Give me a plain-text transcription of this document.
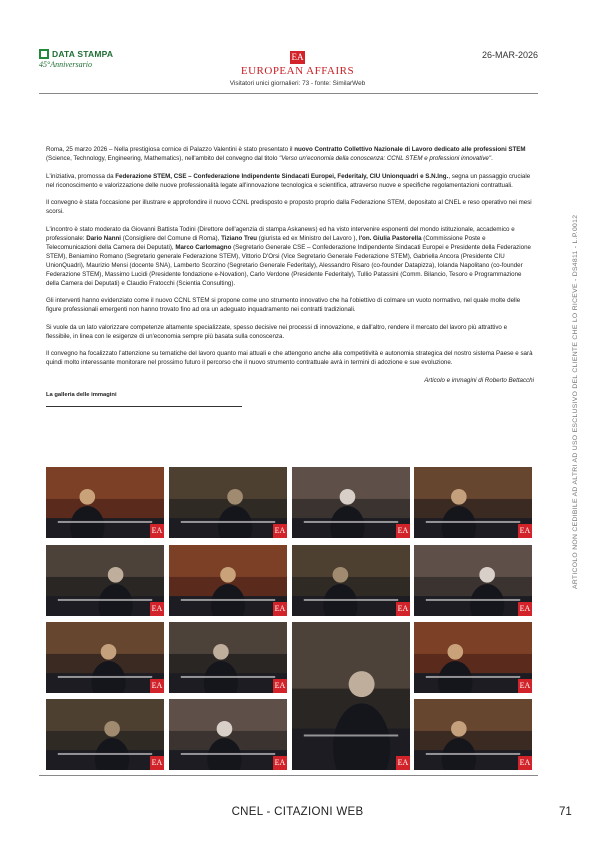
DATA STAMPA
45°Anniversario
EA
EUROPEAN AFFAIRS
Visitatori unici giornalieri: 73 - fonte: SimilarWeb
26-MAR-2026

Roma, 25 marzo 2026 – Nella prestigiosa cornice di Palazzo Valentini è stato presentato il nuovo Contratto Collettivo Nazionale di Lavoro dedicato alle professioni STEM (Science, Technology, Engineering, Mathematics), nell'ambito del convegno dal titolo "Verso un'economia della conoscenza: CCNL STEM e professioni innovative".

L'iniziativa, promossa da Federazione STEM, CSE – Confederazione Indipendente Sindacati Europei, Federitaly, CIU Unionquadri e S.N.Ing., segna un passaggio cruciale nel riconoscimento e valorizzazione delle nuove professionalità legate all'innovazione tecnologica e scientifica, attraverso nuove e specifiche regolamentazioni contrattuali.

Il convegno è stata l'occasione per illustrare e approfondire il nuovo CCNL predisposto e proposto proprio dalla Federazione STEM, depositato al CNEL e reso operativo nei mesi scorsi.

L'incontro è stato moderato da Giovanni Battista Todini (Direttore dell'agenzia di stampa Askanews) ed ha visto intervenire esponenti del mondo istituzionale, accademico e professionale: Dario Nanni (Consigliere del Comune di Roma), Tiziano Treu (giurista ed ex Ministro del Lavoro ), l'on. Giulia Pastorella (Commissione Poste e Telecomunicazioni della Camera dei Deputati), Marco Carlomagno (Segretario Generale CSE – Confederazione Indipendente Sindacati Europei e Presidente della Federazione STEM), Beniamino Romano (Segretario generale Federazione STEM), Vittorio D'Orsi (Vice Segretario Generale Federazione STEM), Gabriella Ancora (Presidente CIU UnionQuadri), Maurizio Mensi (docente SNA), Lamberto Scorzino (Segretario Generale Federitaly), Alessandro Risaro (co-founder Datapizza), Iolanda Napolitano (co-founder Federazione STEM), Massimo Lucidi (Presidente fondazione e-Novation), Carlo Verdone (Presidente Federitaly), Tullio Patassini (Comm. Bilancio, Tesoro e Programmazione della Camera dei Deputati) e Claudio Fratocchi (Scientia Consulting).

Gli interventi hanno evidenziato come il nuovo CCNL STEM si propone come uno strumento innovativo che ha l'obiettivo di colmare un vuoto normativo, nel quale molte delle figure professionali emergenti non hanno trovato fino ad ora un adeguato inquadramento nei contratti tradizionali.

Si vuole da un lato valorizzare competenze altamente specializzate, spesso decisive nei processi di innovazione, e dall'altro, rendere il mercato del lavoro più attrattivo e flessibile, in linea con le esigenze di un'economia sempre più basata sulla conoscenza.

Il convegno ha focalizzato l'attenzione su tematiche del lavoro quanto mai attuali e che attengono anche alla competitività e autonomia strategica del nostro sistema Paese e sarà quindi molto interessante monitorare nel prossimo futuro il percorso che il nuovo strumento contrattuale avrà in termini di adozione e sue evoluzione.

Articolo e immagini di Roberto Bettacchi

La galleria delle immagini	ARTICOLO NON CEDIBILE AD ALTRI AD USO ESCLUSIVO DEL CLIENTE CHE LO RICEVE - DS4811 - L.P.0012
EA	EA	EA	EA
EA	EA	EA	EA
EA	EA	EA
EA	EA	EA
EA
CNEL - CITAZIONI WEB	71
